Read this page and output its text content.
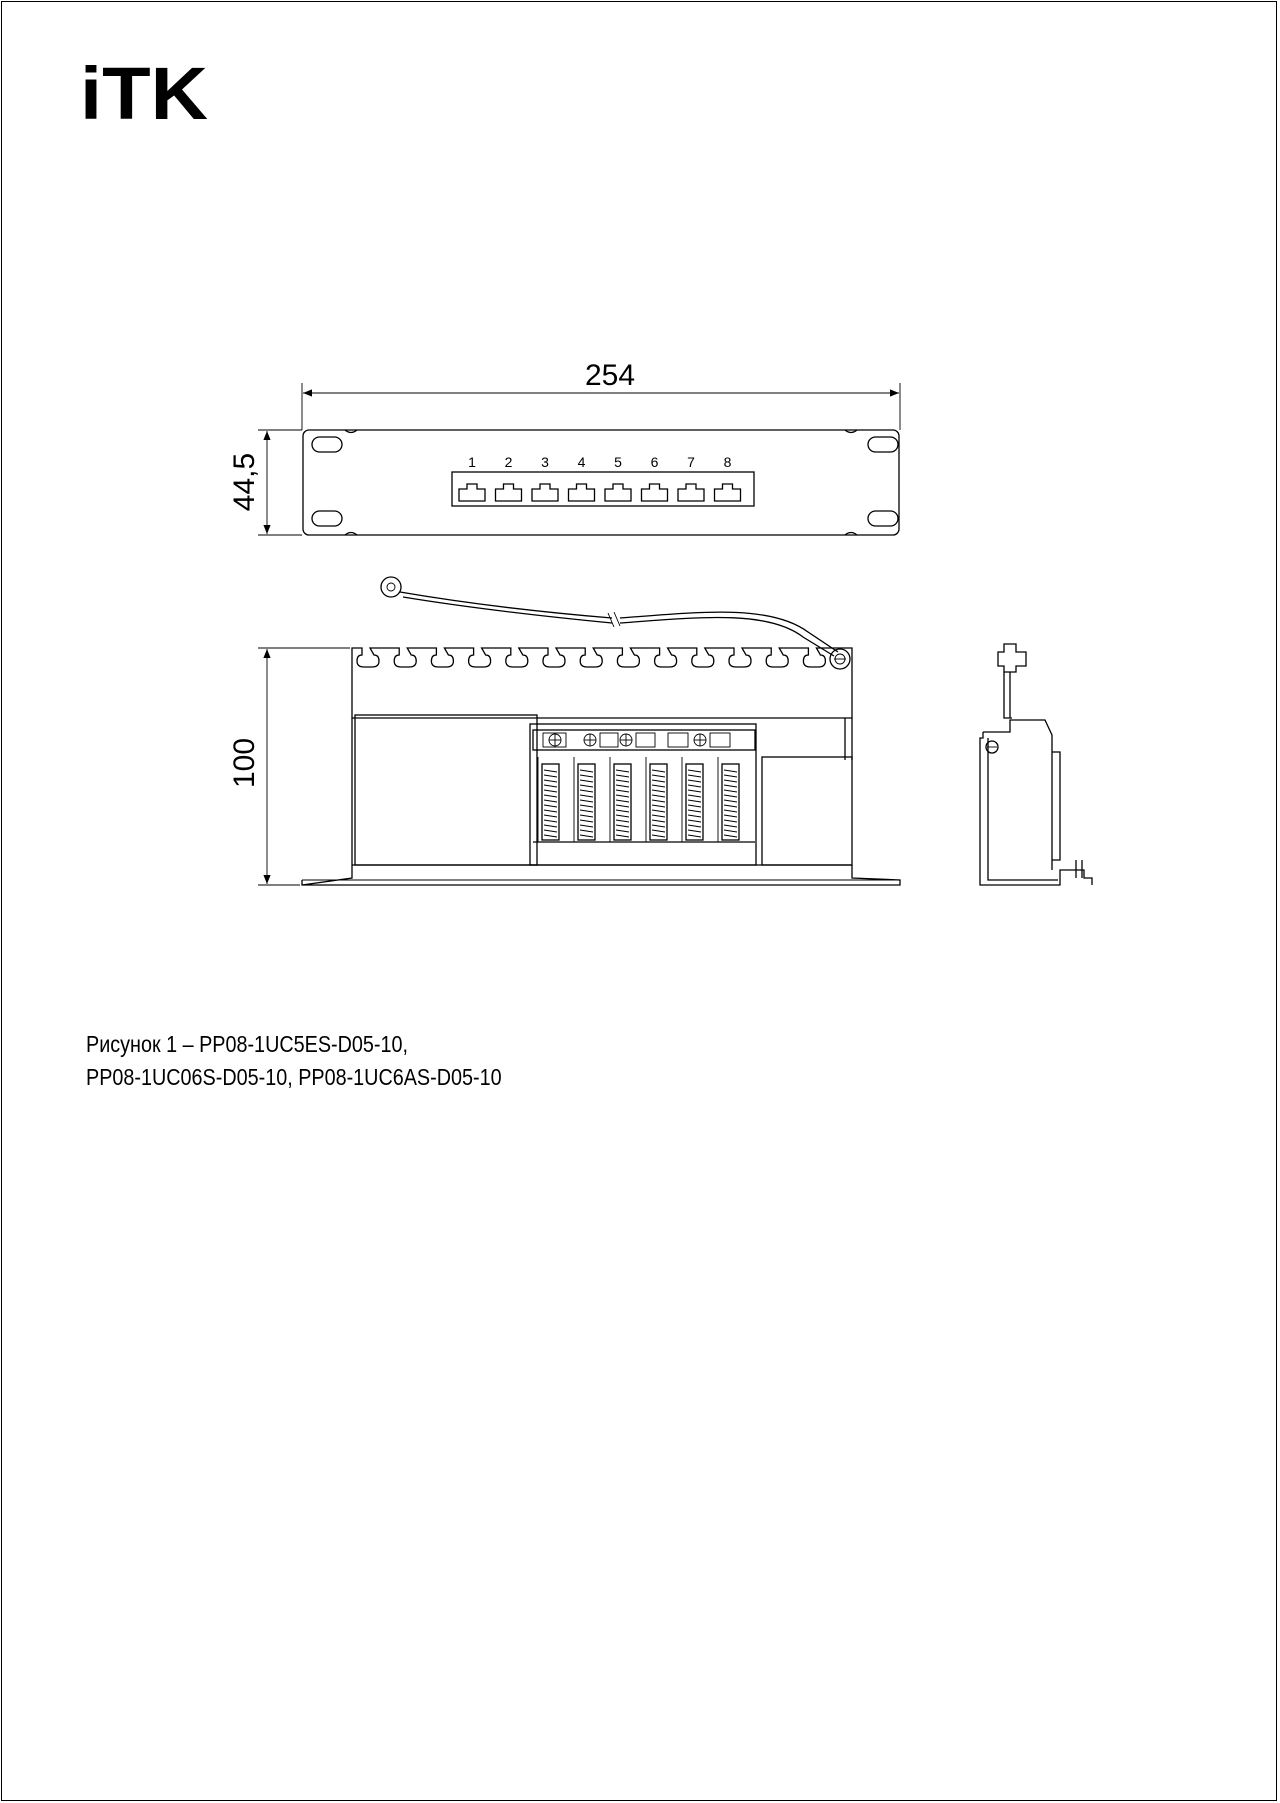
iTK
254
44,5	1 2 3 4 5 6 7 8
100
Рисунок 1 – PP08-1UC5ES-D05-10,
PP08-1UC06S-D05-10, PP08-1UC6AS-D05-10
